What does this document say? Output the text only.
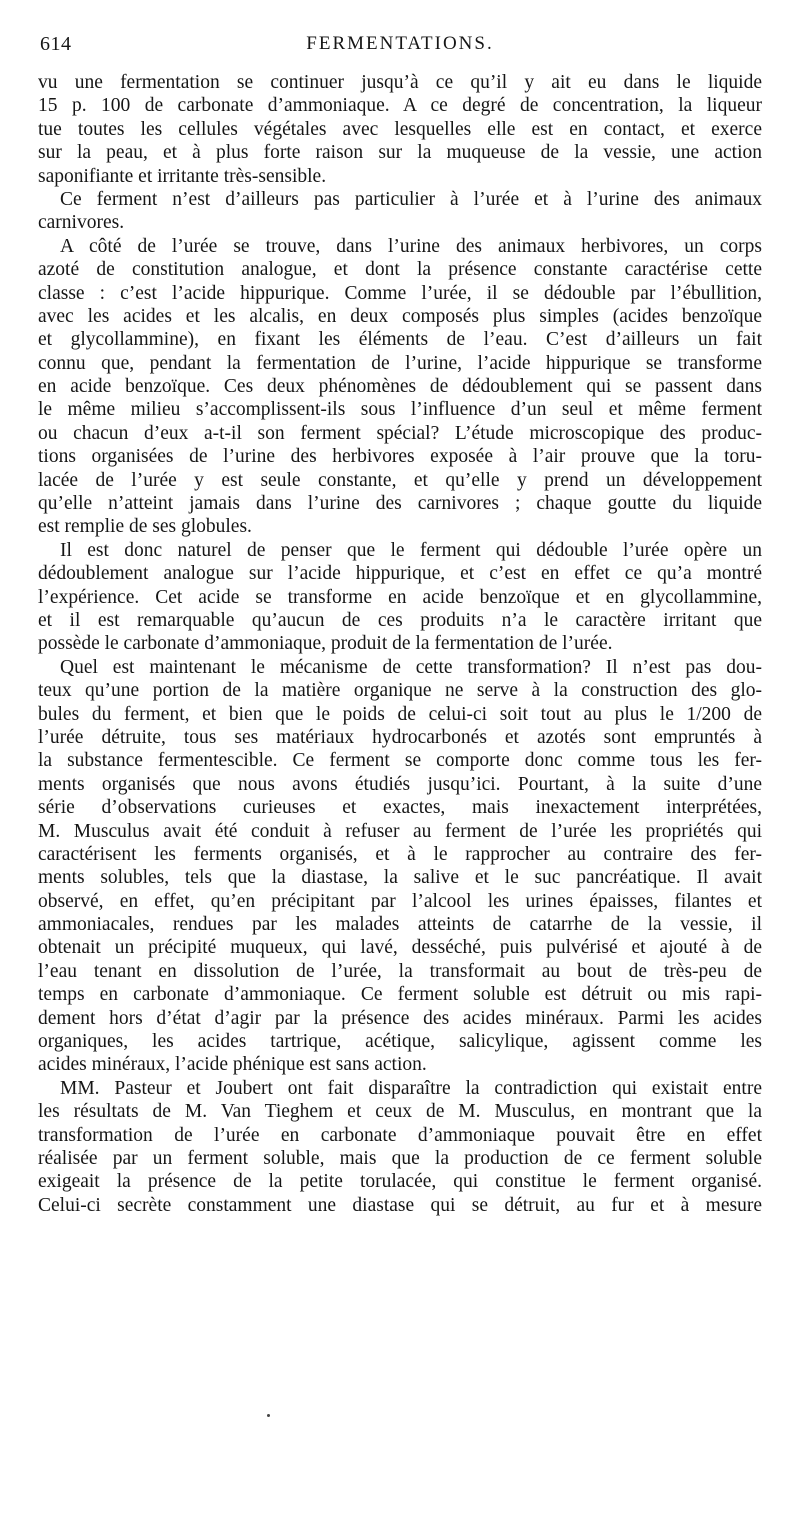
614	FERMENTATIONS.
vu une fermentation se continuer jusqu’à ce qu’il y ait eu dans le liquide
15 p. 100 de carbonate d’ammoniaque. A ce degré de concentration, la liqueur
tue toutes les cellules végétales avec lesquelles elle est en contact, et exerce
sur la peau, et à plus forte raison sur la muqueuse de la vessie, une action
saponifiante et irritante très-sensible.
Ce ferment n’est d’ailleurs pas particulier à l’urée et à l’urine des animaux
carnivores.
A côté de l’urée se trouve, dans l’urine des animaux herbivores, un corps
azoté de constitution analogue, et dont la présence constante caractérise cette
classe : c’est l’acide hippurique. Comme l’urée, il se dédouble par l’ébullition,
avec les acides et les alcalis, en deux composés plus simples (acides benzoïque
et glycollammine), en fixant les éléments de l’eau. C’est d’ailleurs un fait
connu que, pendant la fermentation de l’urine, l’acide hippurique se transforme
en acide benzoïque. Ces deux phénomènes de dédoublement qui se passent dans
le même milieu s’accomplissent-ils sous l’influence d’un seul et même ferment
ou chacun d’eux a-t-il son ferment spécial? L’étude microscopique des produc-
tions organisées de l’urine des herbivores exposée à l’air prouve que la toru-
lacée de l’urée y est seule constante, et qu’elle y prend un développement
qu’elle n’atteint jamais dans l’urine des carnivores ; chaque goutte du liquide
est remplie de ses globules.
Il est donc naturel de penser que le ferment qui dédouble l’urée opère un
dédoublement analogue sur l’acide hippurique, et c’est en effet ce qu’a montré
l’expérience. Cet acide se transforme en acide benzoïque et en glycollammine,
et il est remarquable qu’aucun de ces produits n’a le caractère irritant que
possède le carbonate d’ammoniaque, produit de la fermentation de l’urée.
Quel est maintenant le mécanisme de cette transformation? Il n’est pas dou-
teux qu’une portion de la matière organique ne serve à la construction des glo-
bules du ferment, et bien que le poids de celui-ci soit tout au plus le 1/200 de
l’urée détruite, tous ses matériaux hydrocarbonés et azotés sont empruntés à
la substance fermentescible. Ce ferment se comporte donc comme tous les fer-
ments organisés que nous avons étudiés jusqu’ici. Pourtant, à la suite d’une
série d’observations curieuses et exactes, mais inexactement interprétées,
M. Musculus avait été conduit à refuser au ferment de l’urée les propriétés qui
caractérisent les ferments organisés, et à le rapprocher au contraire des fer-
ments solubles, tels que la diastase, la salive et le suc pancréatique. Il avait
observé, en effet, qu’en précipitant par l’alcool les urines épaisses, filantes et
ammoniacales, rendues par les malades atteints de catarrhe de la vessie, il
obtenait un précipité muqueux, qui lavé, desséché, puis pulvérisé et ajouté à de
l’eau tenant en dissolution de l’urée, la transformait au bout de très-peu de
temps en carbonate d’ammoniaque. Ce ferment soluble est détruit ou mis rapi-
dement hors d’état d’agir par la présence des acides minéraux. Parmi les acides
organiques, les acides tartrique, acétique, salicylique, agissent comme les
acides minéraux, l’acide phénique est sans action.
MM. Pasteur et Joubert ont fait disparaître la contradiction qui existait entre
les résultats de M. Van Tieghem et ceux de M. Musculus, en montrant que la
transformation de l’urée en carbonate d’ammoniaque pouvait être en effet
réalisée par un ferment soluble, mais que la production de ce ferment soluble
exigeait la présence de la petite torulacée, qui constitue le ferment organisé.
Celui-ci secrète constamment une diastase qui se détruit, au fur et à mesure
